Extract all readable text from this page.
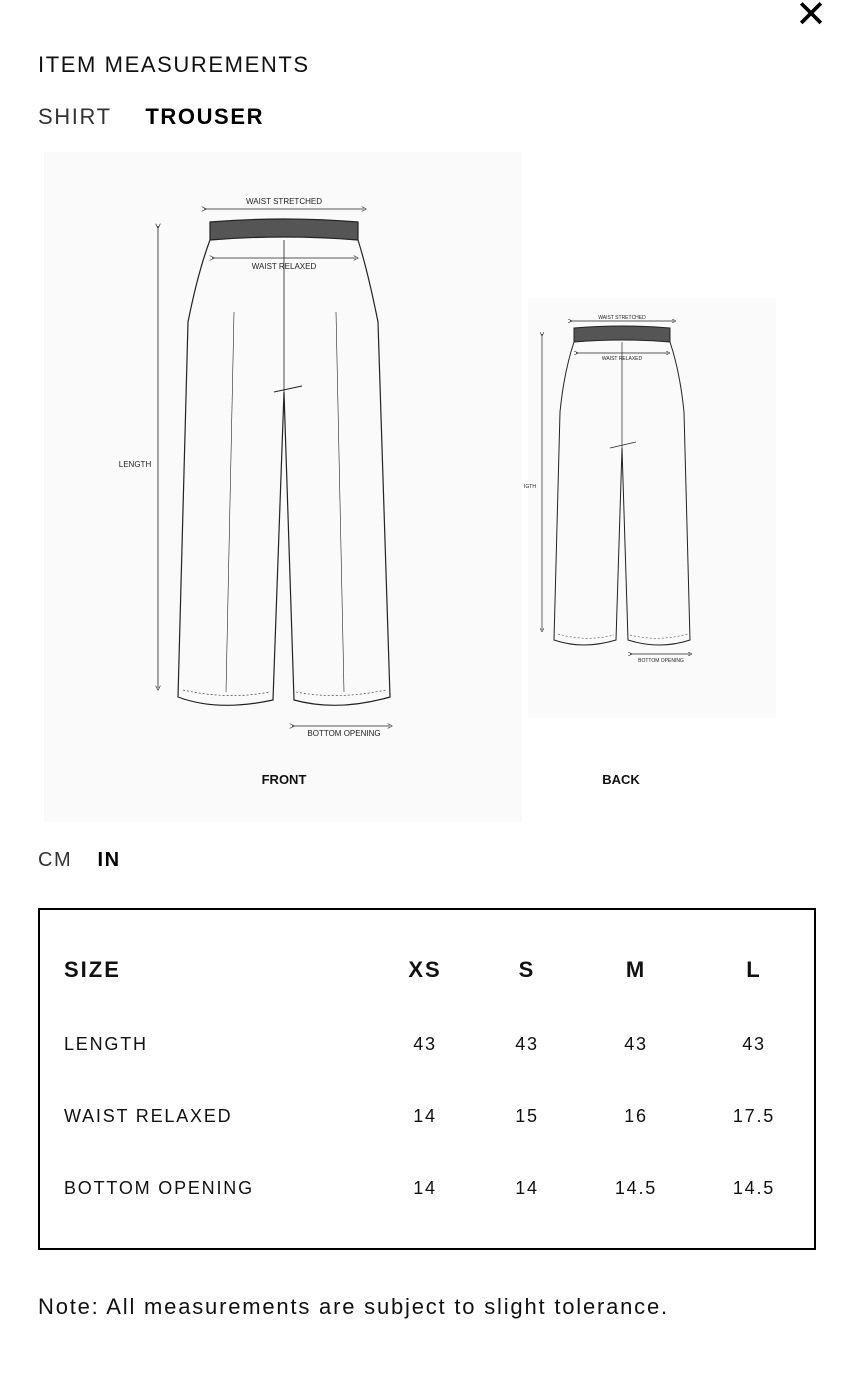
✕
ITEM MEASUREMENTS
SHIRT TROUSER
WAIST STRETCHED
WAIST RELAXED
LENGTH
BOTTOM OPENING
FRONT
WAIST STRETCHED
WAIST RELAXED
IGTH
BOTTOM OPENING
BACK
CM IN
SIZE	XS	S	M	L
LENGTH	43	43	43	43
WAIST RELAXED	14	15	16	17.5
BOTTOM OPENING	14	14	14.5	14.5
Note: All measurements are subject to slight tolerance.
